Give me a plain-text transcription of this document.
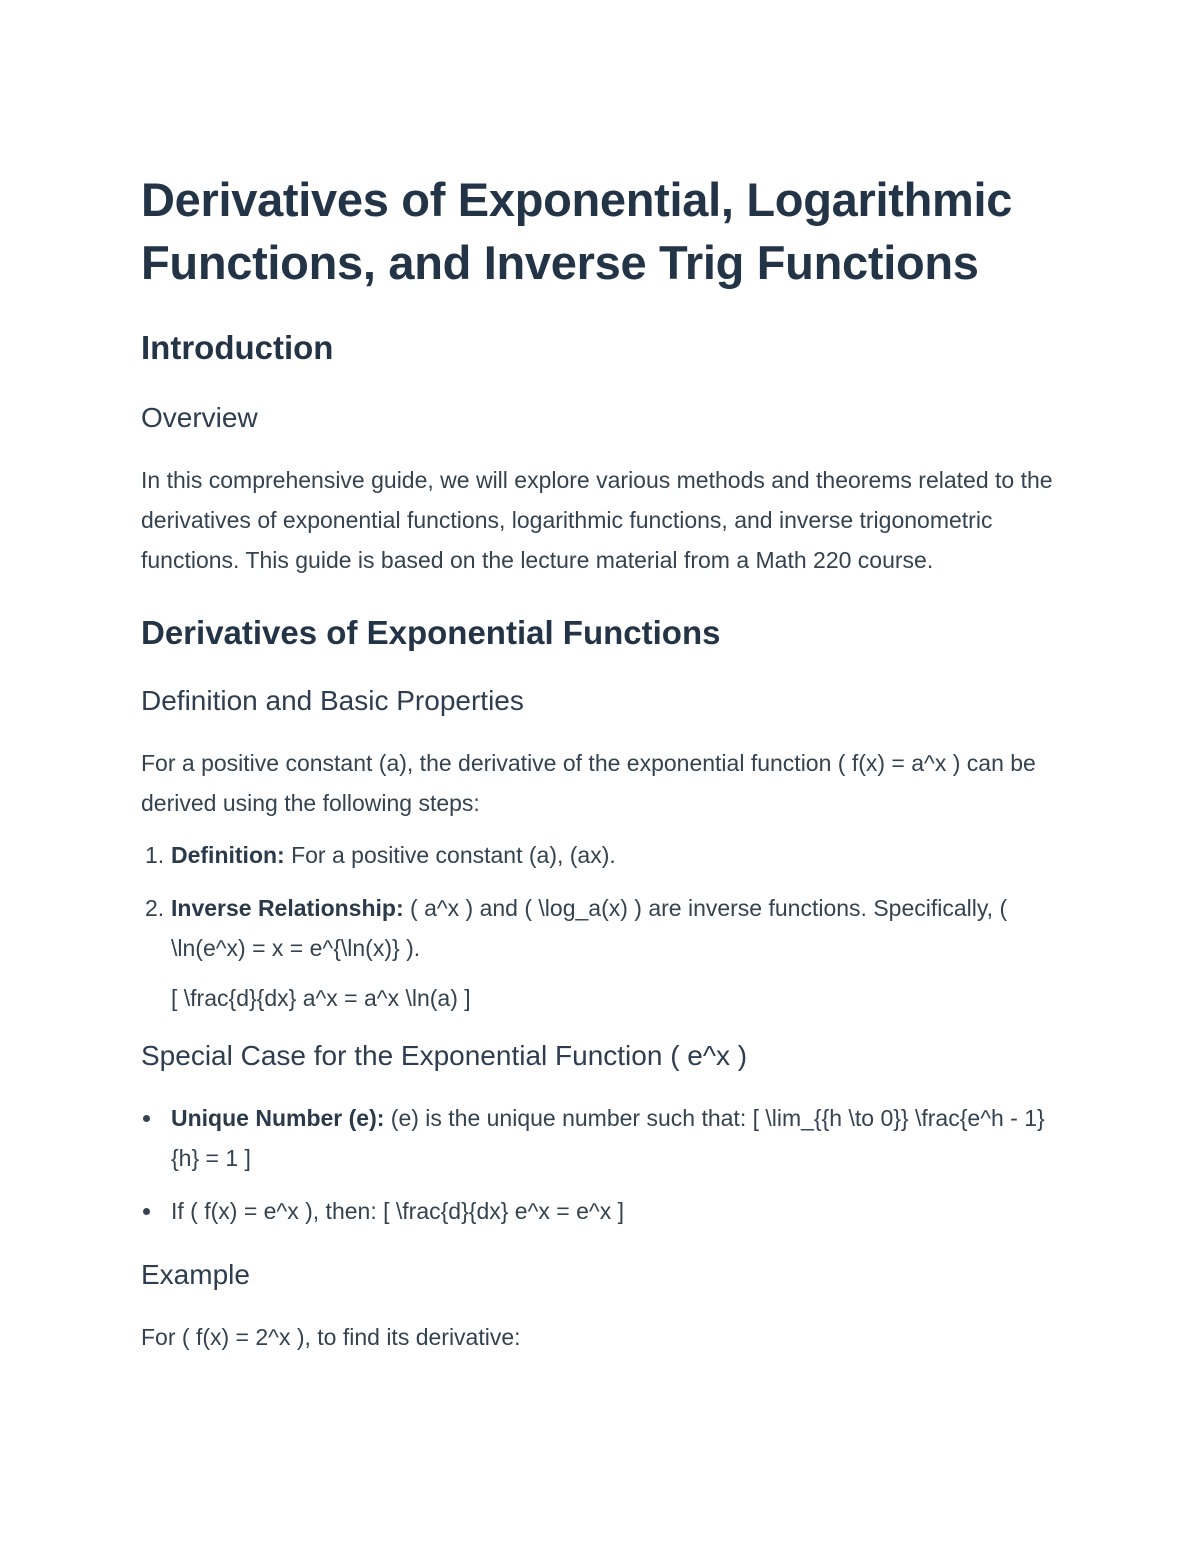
Derivatives of Exponential, Logarithmic Functions, and Inverse Trig Functions
Introduction
Overview

In this comprehensive guide, we will explore various methods and theorems related to the derivatives of exponential functions, logarithmic functions, and inverse trigonometric functions. This guide is based on the lecture material from a Math 220 course.

Derivatives of Exponential Functions
Definition and Basic Properties

For a positive constant (a), the derivative of the exponential function ( f(x) = a^x ) can be derived using the following steps:

1. Definition: For a positive constant (a), (ax).
2. Inverse Relationship: ( a^x ) and ( \log_a(x) ) are inverse functions. Specifically, ( \ln(e^x) = x = e^{\ln(x)} ).
[ \frac{d}{dx} a^x = a^x \ln(a) ]
Special Case for the Exponential Function ( e^x )
Unique Number (e): (e) is the unique number such that: [ \lim_{{h \to 0}} \frac{e^h - 1}{h} = 1 ]
If ( f(x) = e^x ), then: [ \frac{d}{dx} e^x = e^x ]
Example

For ( f(x) = 2^x ), to find its derivative:
